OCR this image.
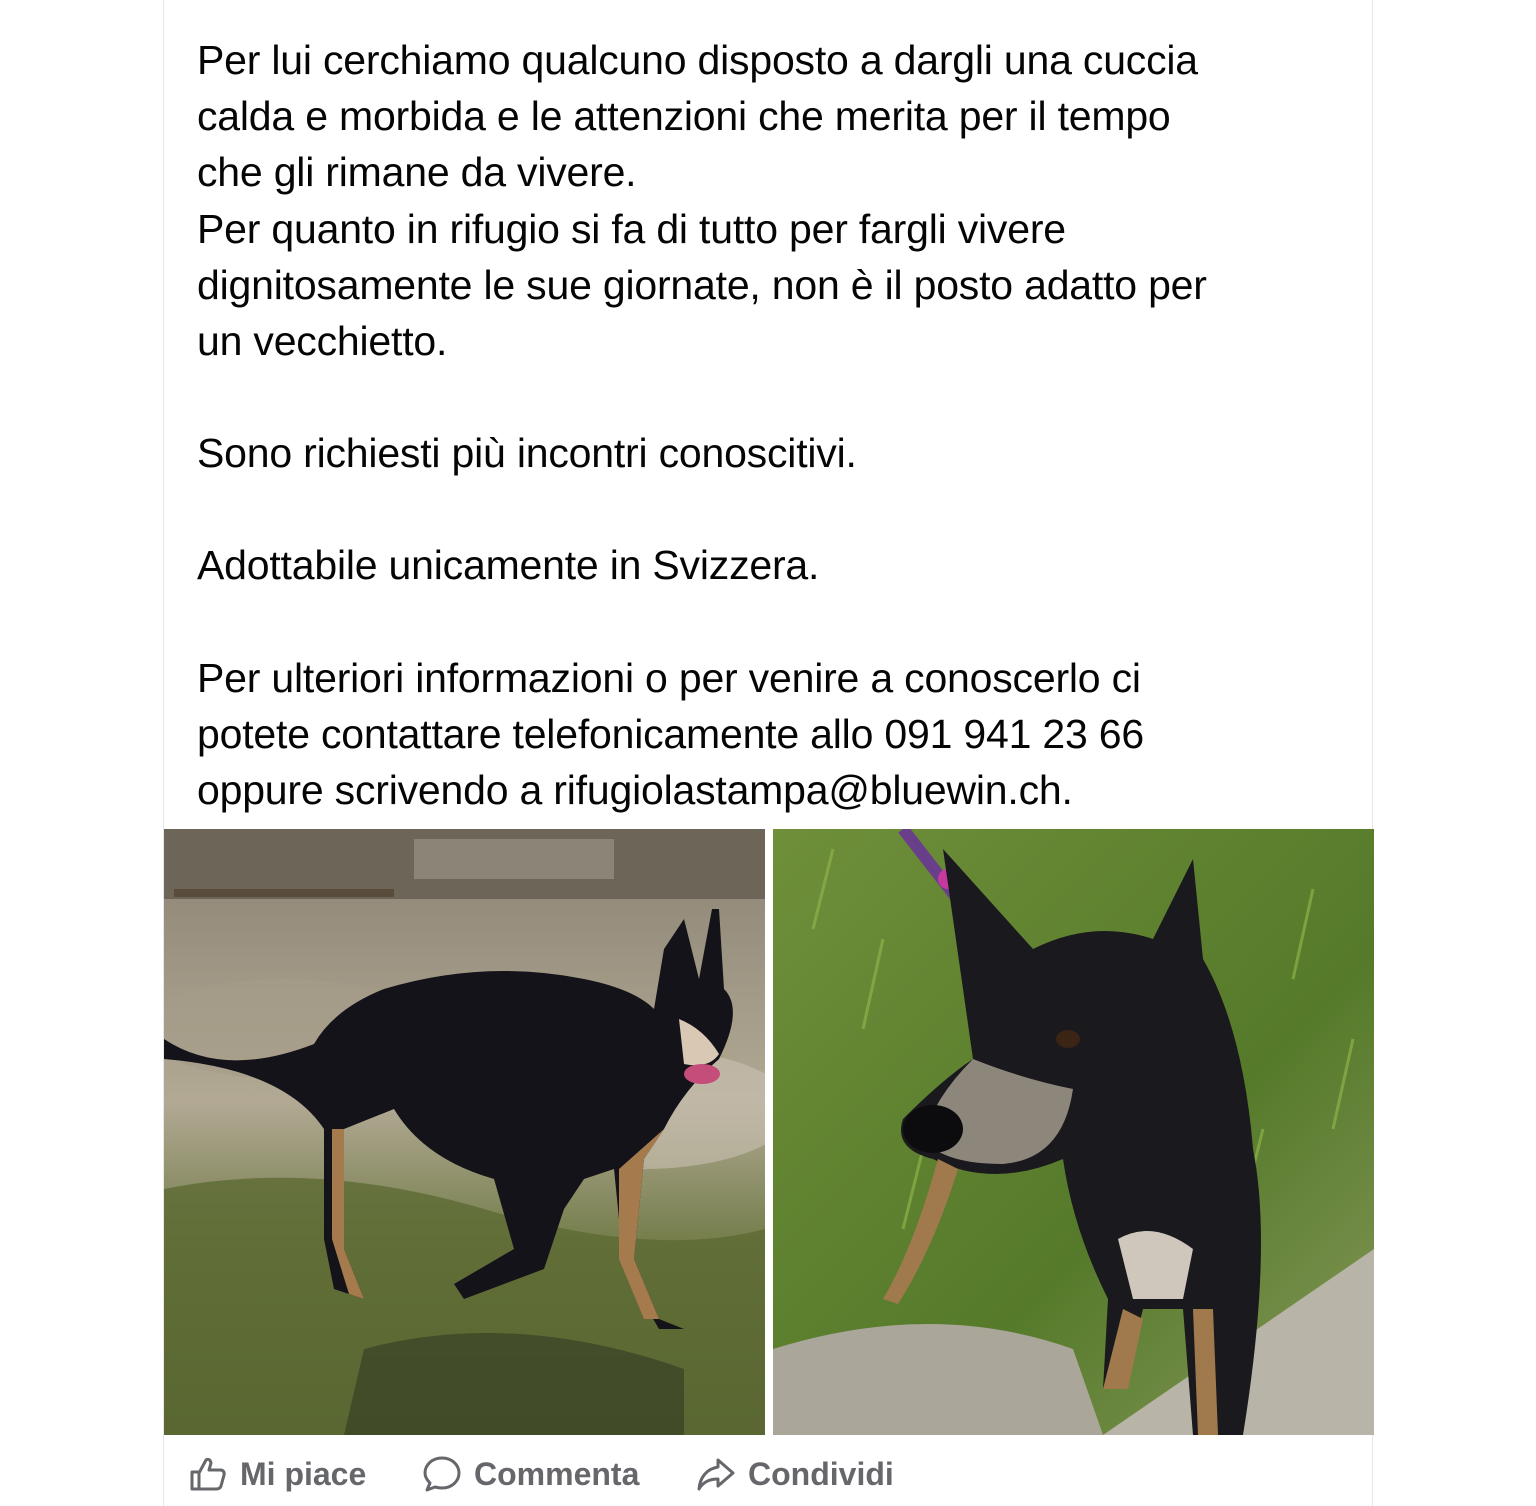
Per lui cerchiamo qualcuno disposto a dargli una cuccia
calda e morbida e le attenzioni che merita per il tempo
che gli rimane da vivere.
Per quanto in rifugio si fa di tutto per fargli vivere
dignitosamente le sue giornate, non è il posto adatto per
un vecchietto.

Sono richiesti più incontri conoscitivi.

Adottabile unicamente in Svizzera.

Per ulteriori informazioni o per venire a conoscerlo ci
potete contattare telefonicamente allo 091 941 23 66
oppure scrivendo a rifugiolastampa@bluewin.ch.

Mi piace	Commenta	Condividi
